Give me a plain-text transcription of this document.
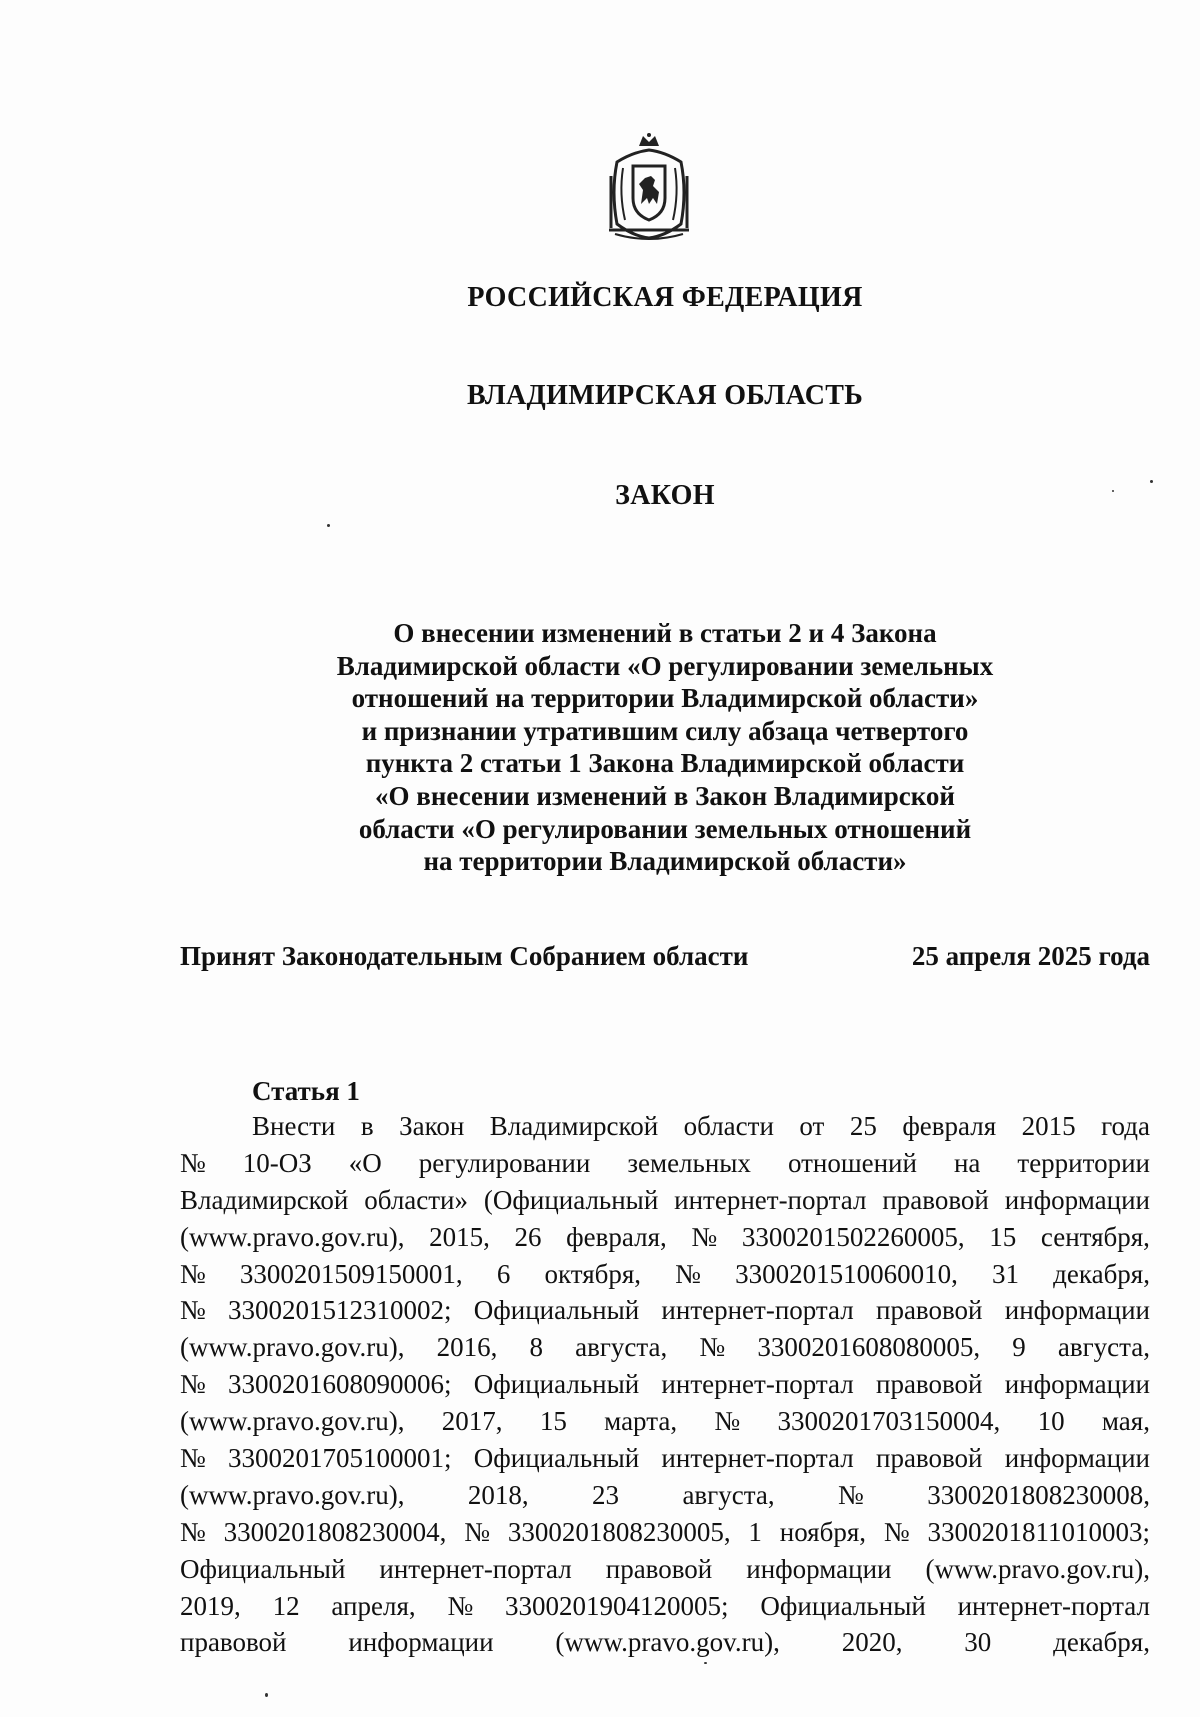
РОССИЙСКАЯ ФЕДЕРАЦИЯ
ВЛАДИМИРСКАЯ ОБЛАСТЬ
ЗАКОН
О внесении изменений в статьи 2 и 4 Закона
Владимирской области «О регулировании земельных
отношений на территории Владимирской области»
и признании утратившим силу абзаца четвертого
пункта 2 статьи 1 Закона Владимирской области
«О внесении изменений в Закон Владимирской
области «О регулировании земельных отношений
на территории Владимирской области»
Принят Законодательным Собранием области	25 апреля 2025 года
Статья 1
Внести в Закон Владимирской области от 25 февраля 2015 года
№ 10-ОЗ «О регулировании земельных отношений на территории
Владимирской области» (Официальный интернет-портал правовой информации
(www.pravo.gov.ru), 2015, 26 февраля, № 3300201502260005, 15 сентября,
№ 3300201509150001, 6 октября, № 3300201510060010, 31 декабря,
№ 3300201512310002; Официальный интернет-портал правовой информации
(www.pravo.gov.ru), 2016, 8 августа, № 3300201608080005, 9 августа,
№ 3300201608090006; Официальный интернет-портал правовой информации
(www.pravo.gov.ru), 2017, 15 марта, № 3300201703150004, 10 мая,
№ 3300201705100001; Официальный интернет-портал правовой информации
(www.pravo.gov.ru), 2018, 23 августа, № 3300201808230008,
№ 3300201808230004, № 3300201808230005, 1 ноября, № 3300201811010003;
Официальный интернет-портал правовой информации (www.pravo.gov.ru),
2019, 12 апреля, № 3300201904120005; Официальный интернет-портал
правовой информации (www.pravo.gov.ru), 2020, 30 декабря,
